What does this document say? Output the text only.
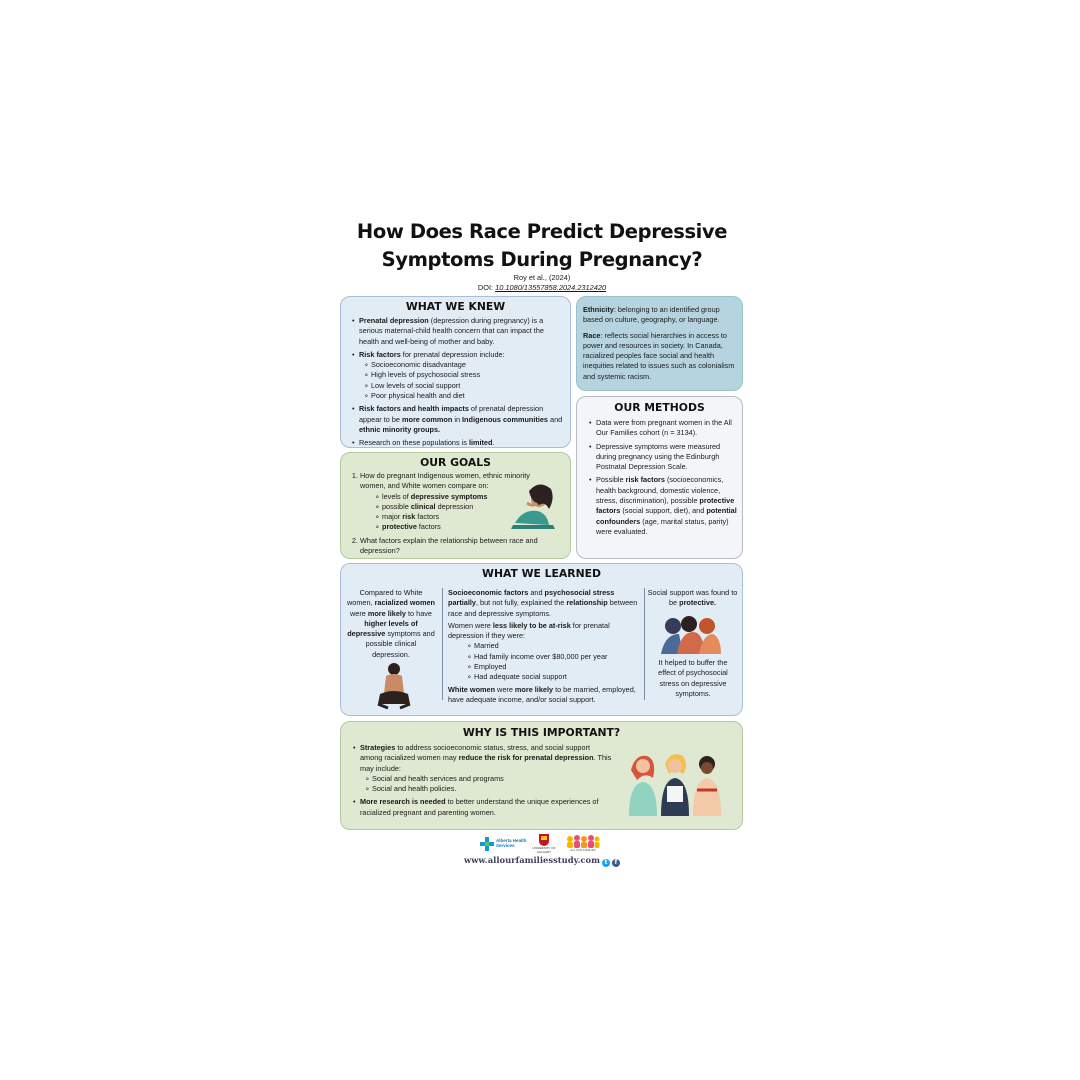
How Does Race Predict Depressive
Symptoms During Pregnancy?
Roy et al., (2024)
DOI: 10.1080/13557858.2024.2312420
WHAT WE KNEW
• Prenatal depression (depression during pregnancy) is a serious maternal-child health concern that can impact the health and well-being of mother and baby.
• Risk factors for prenatal depression include:
∘ Socioeconomic disadvantage
∘ High levels of psychosocial stress
∘ Low levels of social support
∘ Poor physical health and diet
• Risk factors and health impacts of prenatal depression appear to be more common in Indigenous communities and ethnic minority groups.
• Research on these populations is limited.

Ethnicity: belonging to an identified group based on culture, geography, or language.

Race: reflects social hierarchies in access to power and resources in society. In Canada, racialized peoples face social and health inequities related to issues such as colonialism and systemic racism.

OUR GOALS
1. How do pregnant Indigenous women, ethnic minority women, and White women compare on:
∘ levels of depressive symptoms
∘ possible clinical depression
∘ major risk factors
∘ protective factors
2. What factors explain the relationship between race and depression?
OUR METHODS
• Data were from pregnant women in the All Our Families cohort (n = 3134).
• Depressive symptoms were measured during pregnancy using the Edinburgh Postnatal Depression Scale.
• Possible risk factors (socioeconomics, health background, domestic violence, stress, discrimination), possible protective factors (social support, diet), and potential confounders (age, marital status, parity) were evaluated.
WHAT WE LEARNED
Compared to White women, racialized women were more likely to have higher levels of depressive symptoms and possible clinical depression.

Socioeconomic factors and psychosocial stress partially, but not fully, explained the relationship between race and depressive symptoms.

Women were less likely to be at-risk for prenatal depression if they were:

∘ Married
∘ Had family income over $80,000 per year
∘ Employed
∘ Had adequate social support

White women were more likely to be married, employed, have adequate income, and/or social support.

Social support was found to be protective.
It helped to buffer the effect of psychosocial stress on depressive symptoms.
WHY IS THIS IMPORTANT?
• Strategies to address socioeconomic status, stress, and social support among racialized women may reduce the risk for prenatal depression. This may include:
∘ Social and health services and programs
∘ Social and health policies.
• More research is needed to better understand the unique experiences of racialized pregnant and parenting women.
Alberta Health Services	UNIVERSITY OF CALGARY	ALL OUR FAMILIES
www.allourfamiliesstudy.com t f
